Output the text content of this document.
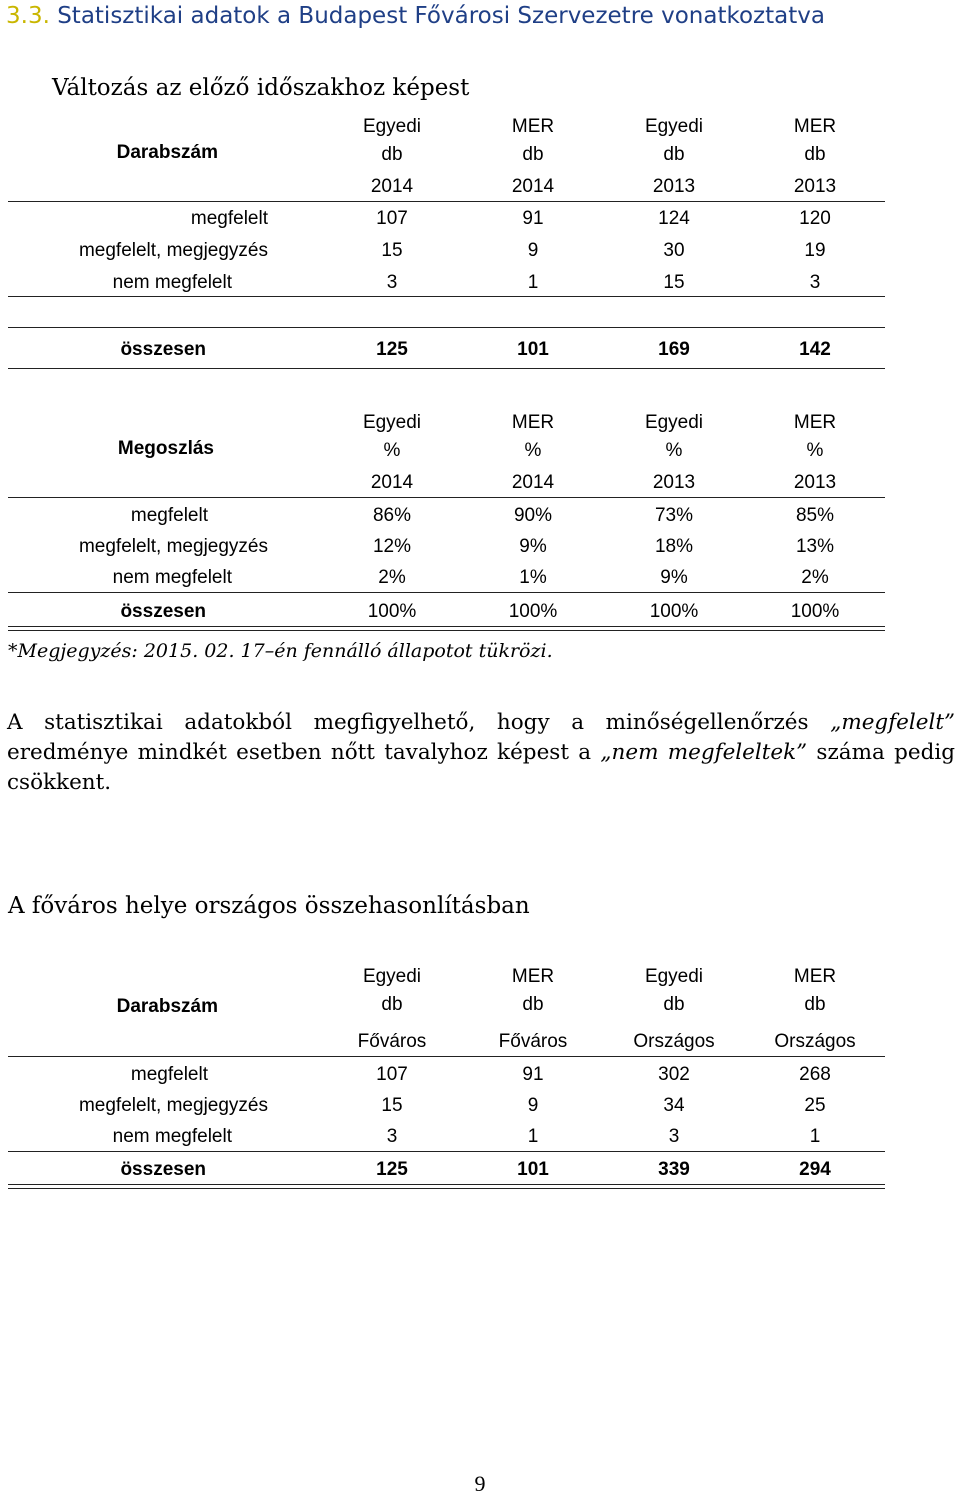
3.3. Statisztikai adatok a Budapest Fővárosi Szervezetre vonatkoztatva
Változás az előző időszakhoz képest
Darabszám
Egyedi	MER	Egyedi	MER
db	db	db	db
2014	2014	2013	2013
megfelelt	107	91	124	120
megfelelt, megjegyzés	15	9	30	19
nem megfelelt	3	1	15	3
összesen	125	101	169	142
Megoszlás
Egyedi	MER	Egyedi	MER
%	%	%	%
2014	2014	2013	2013
megfelelt	86%	90%	73%	85%
megfelelt, megjegyzés	12%	9%	18%	13%
nem megfelelt	2%	1%	9%	2%
összesen	100%	100%	100%	100%
*Megjegyzés: 2015. 02. 17–én fennálló állapotot tükrözi.
A statisztikai adatokból megfigyelhető, hogy a minőségellenőrzés „megfelelt” eredménye mindkét esetben nőtt tavalyhoz képest a „nem megfeleltek” száma pedig csökkent.
A főváros helye országos összehasonlításban
Darabszám
Egyedi	MER	Egyedi	MER
db	db	db	db
Főváros	Főváros	Országos	Országos
megfelelt	107	91	302	268
megfelelt, megjegyzés	15	9	34	25
nem megfelelt	3	1	3	1
összesen	125	101	339	294
9
